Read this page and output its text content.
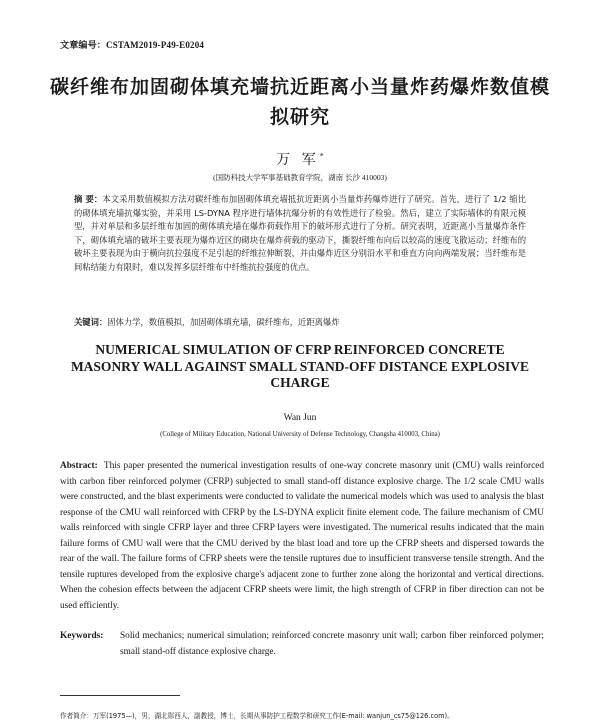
文章编号：CSTAM2019-P49-E0204
碳纤维布加固砌体填充墙抗近距离小当量炸药爆炸数值模拟研究
万 军*
(国防科技大学军事基础教育学院，湖南 长沙 410003)
摘 要：本文采用数值模拟方法对碳纤维布加固砌体填充墙抵抗近距离小当量炸药爆炸进行了研究。首先，进行了 1/2 缩比的砌体填充墙抗爆实验，并采用 LS-DYNA 程序进行墙体抗爆分析的有效性进行了检验。然后，建立了实际墙体的有限元模型，并对单层和多层纤维布加固的砌体填充墙在爆炸荷载作用下的破坏形式进行了分析。研究表明，近距离小当量爆炸条件下，砌体填充墙的破坏主要表现为爆炸近区的砌块在爆炸荷载的驱动下，撕裂纤维布向后以较高的速度飞散运动；纤维布的破坏主要表现为由于横向抗拉强度不足引起的纤维拉伸断裂，并由爆炸近区分别沿水平和垂直方向向两端发展；当纤维布是间粘结能力有限时，难以发挥多层纤维布中纤维抗拉强度的优点。
关键词：固体力学，数值模拟，加固砌体填充墙，碳纤维布，近距离爆炸
NUMERICAL SIMULATION OF CFRP REINFORCED CONCRETE MASONRY WALL AGAINST SMALL STAND-OFF DISTANCE EXPLOSIVE CHARGE
Wan Jun
(College of Military Education, National University of Defense Technology, Changsha 410003, China)
Abstract: This paper presented the numerical investigation results of one-way concrete masonry unit (CMU) walls reinforced with carbon fiber reinforced polymer (CFRP) subjected to small stand-off distance explosive charge. The 1/2 scale CMU walls were constructed, and the blast experiments were conducted to validate the numerical models which was used to analysis the blast response of the CMU wall reinforced with CFRP by the LS-DYNA explicit finite element code. The failure mechanism of CMU walls reinforced with single CFRP layer and three CFRP layers were investigated. The numerical results indicated that the main failure forms of CMU wall were that the CMU derived by the blast load and tore up the CFRP sheets and dispersed towards the rear of the wall. The failure forms of CFRP sheets were the tensile ruptures due to insufficient transverse tensile strength. And the tensile ruptures developed from the explosive charge's adjacent zone to further zone along the horizontal and vertical directions. When the cohesion effects between the adjacent CFRP sheets were limit, the high strength of CFRP in fiber direction can not be used efficiently.
Keywords:	Solid mechanics; numerical simulation; reinforced concrete masonry unit wall; carbon fiber reinforced polymer; small stand-off distance explosive charge.
作者简介：万军(1975—)，男，湖北郧西人，副教授，博士，长期从事防护工程数学和研究工作(E-mail: wanjun_cs75@126.com)。
